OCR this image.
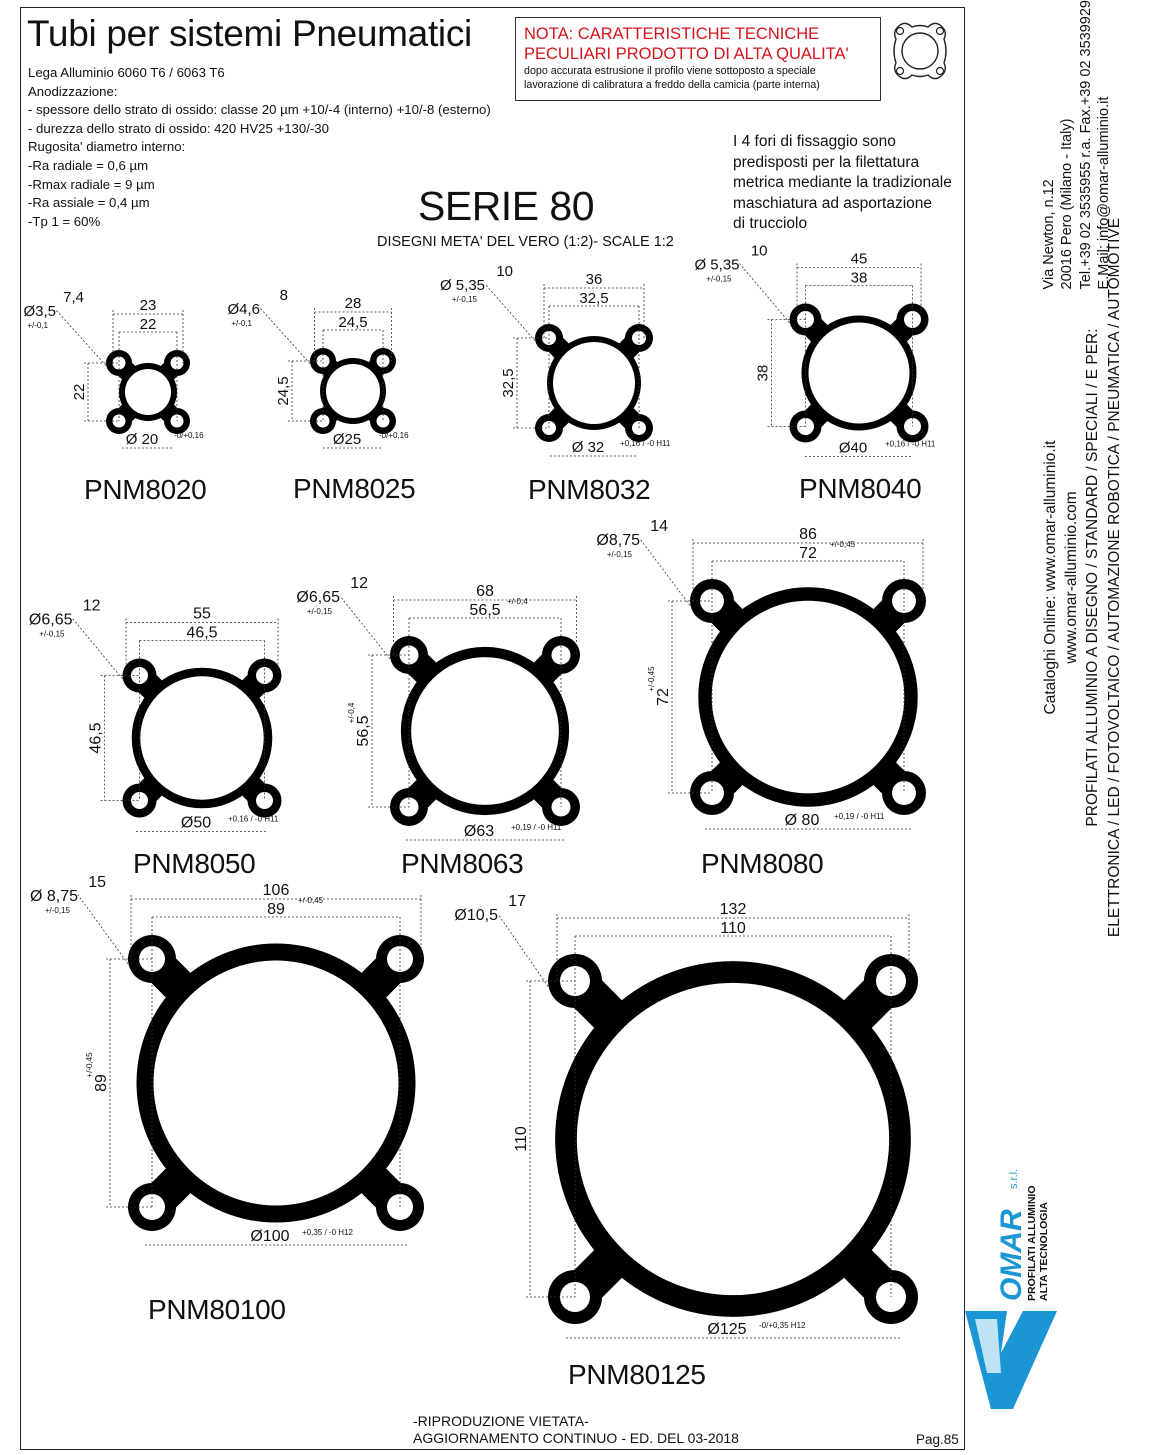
Tubi per sistemi Pneumatici
Lega Alluminio 6060 T6 / 6063 T6
Anodizzazione:
- spessore dello strato di ossido: classe 20 µm +10/-4 (interno) +10/-8 (esterno)
- durezza dello strato di ossido: 420 HV25 +130/-30
Rugosita' diametro interno:
-Ra radiale = 0,6 µm
-Rmax radiale = 9 µm
-Ra assiale = 0,4 µm
-Tp 1 = 60%
NOTA: CARATTERISTICHE TECNICHE
PECULIARI PRODOTTO DI ALTA QUALITA'
dopo accurata estrusione il profilo viene sottoposto a speciale
lavorazione di calibratura a freddo della camicia (parte interna)
I 4 fori di fissaggio sono
predisposti per la filettatura
metrica mediante la tradizionale
maschiatura ad asportazione
di trucciolo
SERIE 80
DISEGNI META' DEL VERO (1:2)- SCALE 1:2
23
22
22
Ø3,5
+/-0,1
7,4
Ø 20 -0/+0,16
28
24,5
24,5
Ø4,6
+/-0,1
8
Ø25 -0/+0,16
36
32,5
32,5
Ø 5,35
+/-0,15
10
Ø 32 +0,16 / -0 H11
45
38
38
Ø 5,35
+/-0,15
10
Ø40 +0,16 / -0 H11
55
46,5
46,5
Ø6,65
+/-0,15
12
Ø50 +0,16 / -0 H11
68
56,5
+/-0,4
56,5
+/-0,4
Ø6,65
+/-0,15
12
Ø63 +0,19 / -0 H11
86
72
+/-0,45
72
+/-0,45
Ø8,75
+/-0,15
14
Ø 80 +0,19 / -0 H11
106
89
+/-0,45
89
+/-0,45
Ø 8,75
+/-0,15
15
Ø100 +0,35 / -0 H12
132
110
110
Ø10,5
17
Ø125 -0/+0,35 H12
Cataloghi Online: www.omar-alluminio.it www.omar-alluminio.com PROFILATI ALLUMINIO A DISEGNO / STANDARD / SPECIALI / E PER: ELETTRONICA / LED / FOTOVOLTAICO / AUTOMAZIONE ROBOTICA / PNEUMATICA / AUTOMOTIVE
Via Newton, n.12 20016 Pero (Milano - Italy) Tel.+39 02 3535955 r.a. Fax.+39 02 3539929 E.Mail: info@omar-alluminio.it
OMAR
s.r.l.
PROFILATI ALLUMINIO ALTA TECNOLOGIA
-RIPRODUZIONE VIETATA-
AGGIORNAMENTO CONTINUO - ED. DEL 03-2018	Pag.85
PNM8020	PNM8025	PNM8032	PNM8040
PNM8050	PNM8063	PNM8080
PNM80100
PNM80125
